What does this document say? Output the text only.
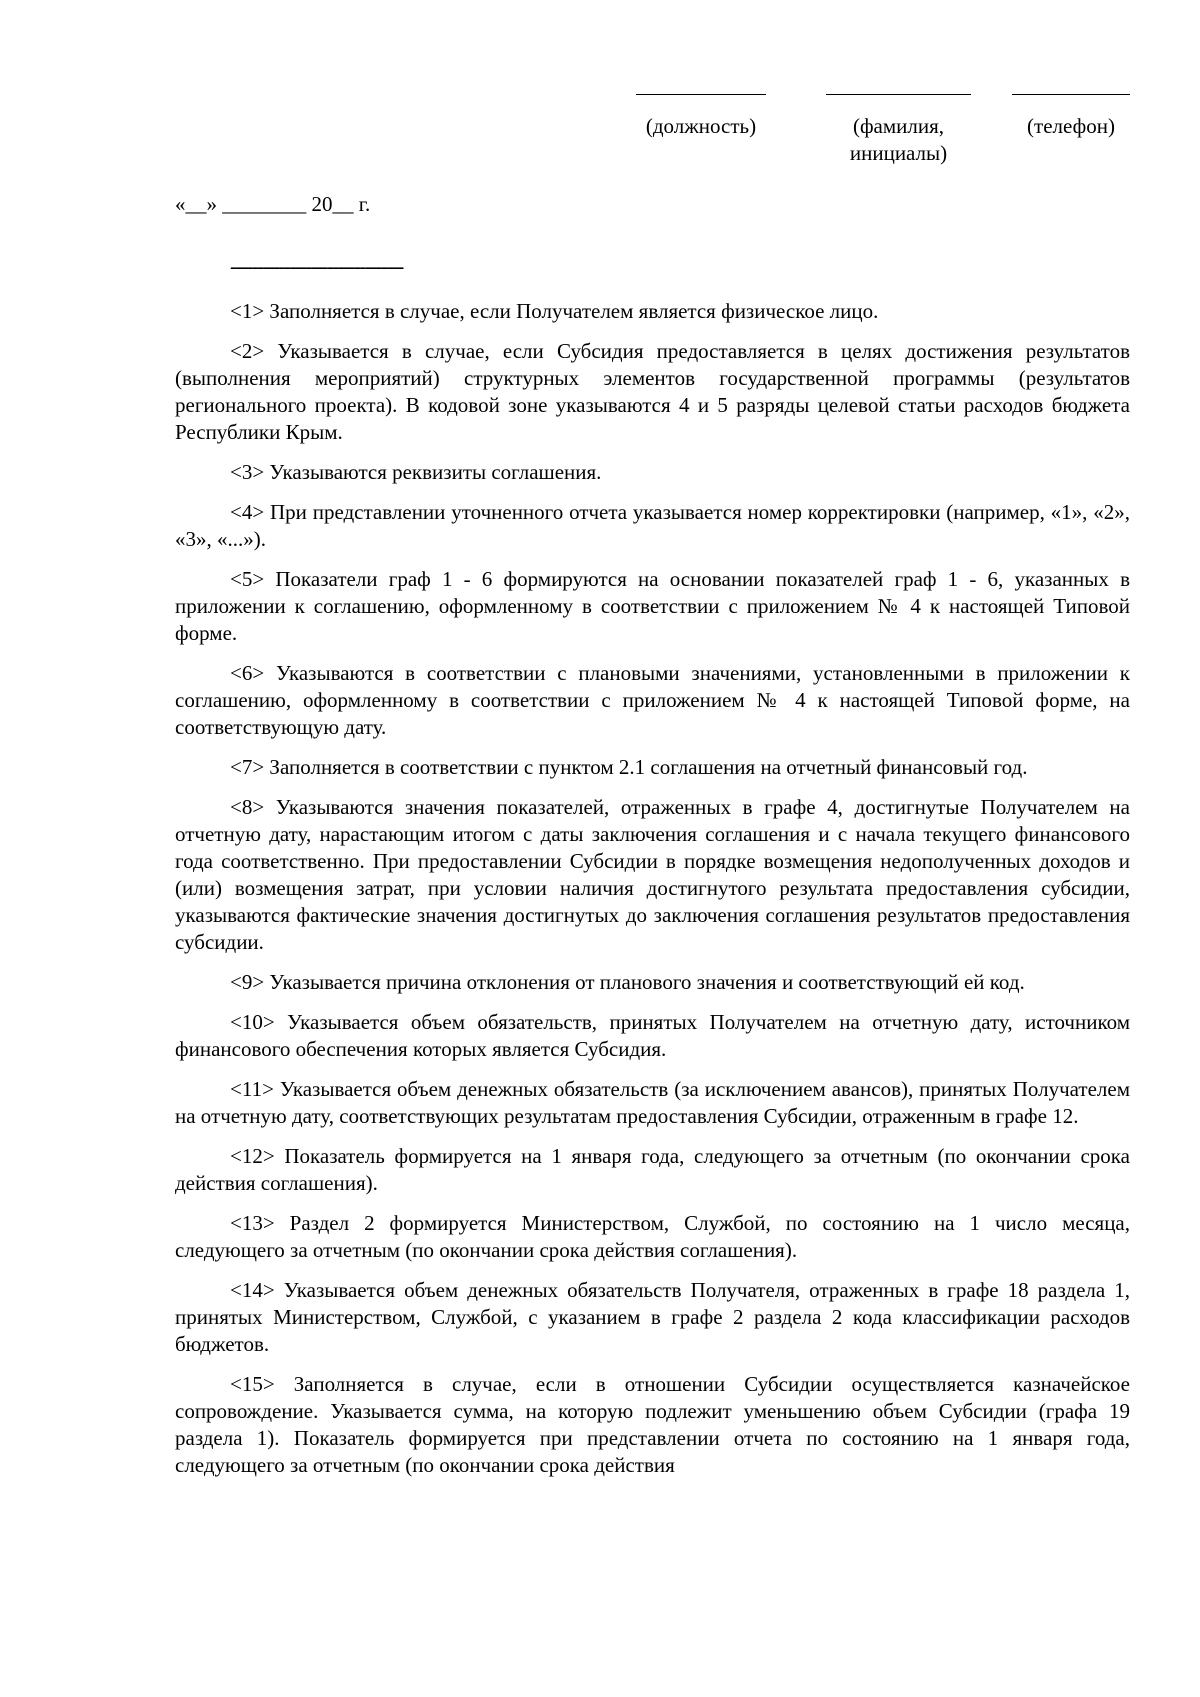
(должность)	(фамилия, инициалы)
(телефон)
«__» ________ 20__ г.
--------------------------------
<1> Заполняется в случае, если Получателем является физическое лицо.
<2> Указывается в случае, если Субсидия предоставляется в целях достижения результатов (выполнения мероприятий) структурных элементов государственной программы (результатов регионального проекта). В кодовой зоне указываются 4 и 5 разряды целевой статьи расходов бюджета Республики Крым.
<3> Указываются реквизиты соглашения.
<4> При представлении уточненного отчета указывается номер корректировки (например, «1», «2», «3», «...»).
<5> Показатели граф 1 - 6 формируются на основании показателей граф 1 - 6, указанных в приложении к соглашению, оформленному в соответствии с приложением № 4 к настоящей Типовой форме.
<6> Указываются в соответствии с плановыми значениями, установленными в приложении к соглашению, оформленному в соответствии с приложением № 4 к настоящей Типовой форме, на соответствующую дату.
<7> Заполняется в соответствии с пунктом 2.1 соглашения на отчетный финансовый год.
<8> Указываются значения показателей, отраженных в графе 4, достигнутые Получателем на отчетную дату, нарастающим итогом с даты заключения соглашения и с начала текущего финансового года соответственно. При предоставлении Субсидии в порядке возмещения недополученных доходов и (или) возмещения затрат, при условии наличия достигнутого результата предоставления субсидии, указываются фактические значения достигнутых до заключения соглашения результатов предоставления субсидии.
<9> Указывается причина отклонения от планового значения и соответствующий ей код.
<10> Указывается объем обязательств, принятых Получателем на отчетную дату, источником финансового обеспечения которых является Субсидия.
<11> Указывается объем денежных обязательств (за исключением авансов), принятых Получателем на отчетную дату, соответствующих результатам предоставления Субсидии, отраженным в графе 12.
<12> Показатель формируется на 1 января года, следующего за отчетным (по окончании срока действия соглашения).
<13> Раздел 2 формируется Министерством, Службой, по состоянию на 1 число месяца, следующего за отчетным (по окончании срока действия соглашения).
<14> Указывается объем денежных обязательств Получателя, отраженных в графе 18 раздела 1, принятых Министерством, Службой, с указанием в графе 2 раздела 2 кода классификации расходов бюджетов.
<15> Заполняется в случае, если в отношении Субсидии осуществляется казначейское сопровождение. Указывается сумма, на которую подлежит уменьшению объем Субсидии (графа 19 раздела 1). Показатель формируется при представлении отчета по состоянию на 1 января года, следующего за отчетным (по окончании срока действия
